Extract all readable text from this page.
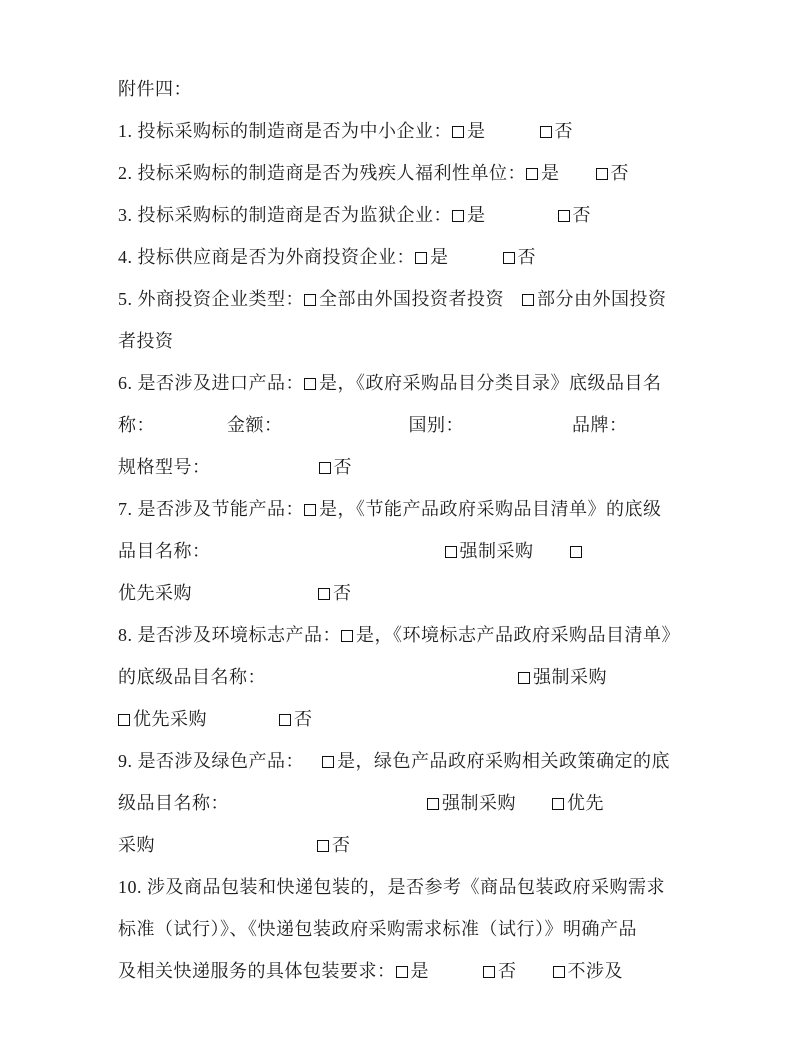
附件四：
1. 投标采购标的制造商是否为中小企业： 是	否
2. 投标采购标的制造商是否为残疾人福利性单位： 是	否
3. 投标采购标的制造商是否为监狱企业： 是	否
4. 投标供应商是否为外商投资企业： 是	否
5. 外商投资企业类型： 全部由外国投资者投资 部分由外国投资
者投资
6. 是否涉及进口产品： 是，《政府采购品目分类目录》底级品目名
称：	金额：	国别：	品牌：
规格型号：	否
7. 是否涉及节能产品： 是，《节能产品政府采购品目清单》的底级
品目名称：	强制采购
优先采购	否
8. 是否涉及环境标志产品： 是，《环境标志产品政府采购品目清单》
的底级品目名称：	强制采购
优先采购	否
9. 是否涉及绿色产品： 是，绿色产品政府采购相关政策确定的底
级品目名称：	强制采购	优先
采购	否
10. 涉及商品包装和快递包装的，是否参考《商品包装政府采购需求
标准（试行）》、《快递包装政府采购需求标准（试行）》明确产品
及相关快递服务的具体包装要求： 是	否	不涉及
